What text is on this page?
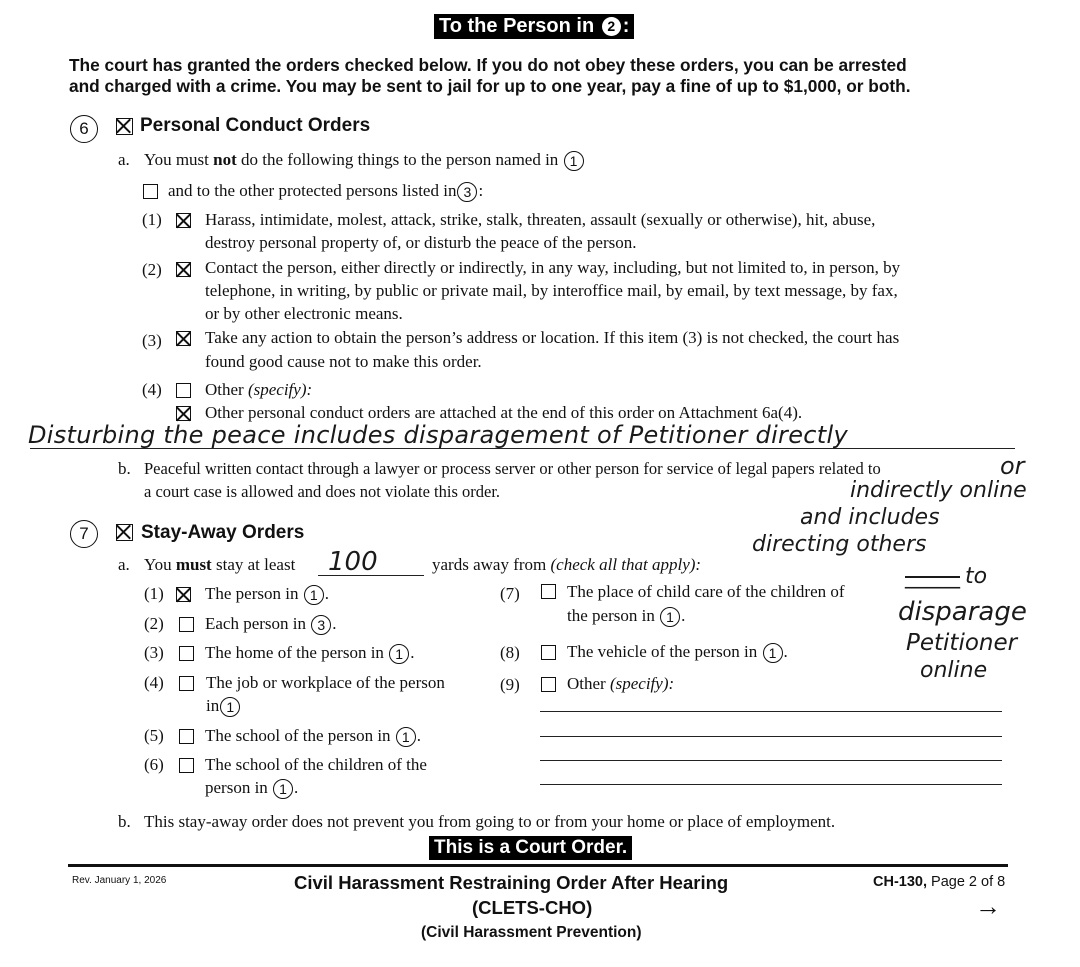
To the Person in 2 :
The court has granted the orders checked below. If you do not obey these orders, you can be arrested
and charged with a crime. You may be sent to jail for up to one year, pay a fine of up to $1,000, or both.
6	Personal Conduct Orders
a. You must not do the following things to the person named in 1
and to the other protected persons listed in 3 :
(1)	Harass, intimidate, molest, attack, strike, stalk, threaten, assault (sexually or otherwise), hit, abuse,
destroy personal property of, or disturb the peace of the person.
(2)	Contact the person, either directly or indirectly, in any way, including, but not limited to, in person, by
telephone, in writing, by public or private mail, by interoffice mail, by email, by text message, by fax,
or by other electronic means.
(3)	Take any action to obtain the person’s address or location. If this item (3) is not checked, the court has
found good cause not to make this order.
(4)	Other (specify):
Other personal conduct orders are attached at the end of this order on Attachment 6a(4).
Disturbing the peace includes disparagement of Petitioner directly
b. Peaceful written contact through a lawyer or process server or other person for service of legal papers related to
a court case is allowed and does not violate this order.
or
indirectly online
and includes
directing others
_____ to
disparage
Petitioner
online
7	Stay-Away Orders
a. You must stay at least 100	yards away from (check all that apply):
(1) The person in 1 .
(2) Each person in 3 .
(3) The home of the person in 1 .
(4) The job or workplace of the person
in 1
(5) The school of the person in 1 .
(6) The school of the children of the
person in 1 .
(7)	The place of child care of the children of
the person in 1 .
(8)	The vehicle of the person in 1 .
(9)	Other (specify):
b. This stay-away order does not prevent you from going to or from your home or place of employment.
This is a Court Order.
Rev. January 1, 2026	Civil Harassment Restraining Order After Hearing
(CLETS-CHO)
(Civil Harassment Prevention)
CH-130, Page 2 of 8
→
